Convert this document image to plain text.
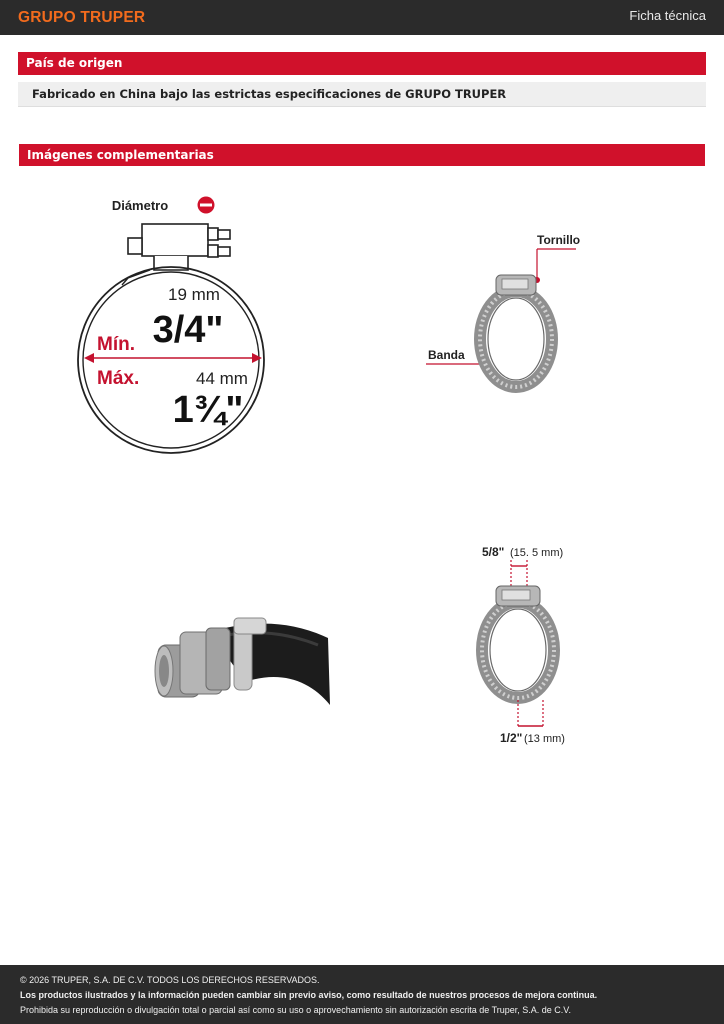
GRUPO TRUPER	Ficha técnica
País de origen
Fabricado en China bajo las estrictas especificaciones de GRUPO TRUPER
Imágenes complementarias
Diámetro
19 mm
3/4"
Mín.
Máx.	44 mm
1¾"
Tornillo
Banda
5/8" (15. 5 mm)
1/2" (13 mm)
© 2026 TRUPER, S.A. DE C.V. TODOS LOS DERECHOS RESERVADOS.
Los productos ilustrados y la información pueden cambiar sin previo aviso, como resultado de nuestros procesos de mejora continua.
Prohibida su reproducción o divulgación total o parcial así como su uso o aprovechamiento sin autorización escrita de Truper, S.A. de C.V.
